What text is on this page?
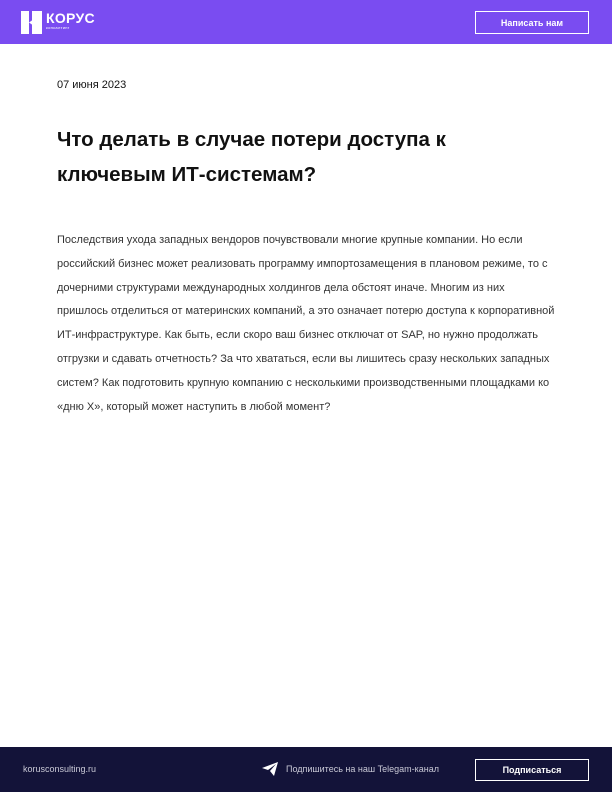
КОРУС
консалтинг	Написать нам
07 июня 2023
Что делать в случае потери доступа к ключевым ИТ-системам?

Последствия ухода западных вендоров почувствовали многие крупные компании. Но если российский бизнес может реализовать программу импортозамещения в плановом режиме, то с дочерними структурами международных холдингов дела обстоят иначе. Многим из них пришлось отделиться от материнских компаний, а это означает потерю доступа к корпоративной ИТ-инфраструктуре. Как быть, если скоро ваш бизнес отключат от SAP, но нужно продолжать отгрузки и сдавать отчетность? За что хвататься, если вы лишитесь сразу нескольких западных систем? Как подготовить крупную компанию с несколькими производственными площадками ко «дню Х», который может наступить в любой момент?

korusconsulting.ru	Подпишитесь на наш Telegam-канал	Подписаться
